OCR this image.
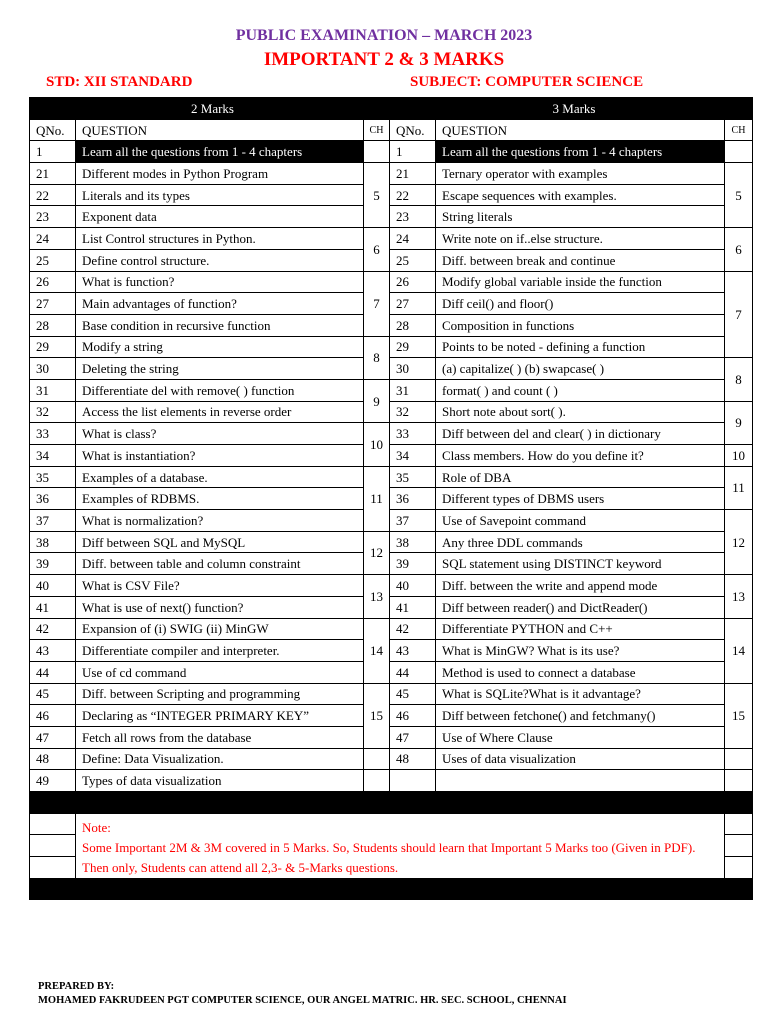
PUBLIC EXAMINATION – MARCH 2023
IMPORTANT 2 & 3 MARKS
STD: XII STANDARD	SUBJECT: COMPUTER SCIENCE
2 Marks			3 Marks		
QNo.	QUESTION	CH	QNo.	QUESTION	CH
1	Learn all the questions from 1 - 4 chapters		1	Learn all the questions from 1 - 4 chapters	
21	Different modes in Python Program	5	21	Ternary operator with examples	5
22	Literals and its types		22	Escape sequences with examples.	
23	Exponent data		23	String literals	
24	List Control structures in Python.	6	24	Write note on if..else structure.	6
25	Define control structure.		25	Diff. between break and continue	
26	What is function?	7	26	Modify global variable inside the function	7
27	Main advantages of function?		27	Diff ceil() and floor()	
28	Base condition in recursive function		28	Composition in functions	
29	Modify a string	8	29	Points to be noted - defining a function	
30	Deleting the string		30	(a) capitalize( ) (b) swapcase( )	8
31	Differentiate del with remove( ) function	9	31	format( ) and count ( )	
32	Access the list elements in reverse order		32	Short note about sort( ).	9
33	What is class?	10	33	Diff between del and clear( ) in dictionary	
34	What is instantiation?		34	Class members. How do you define it?	10
35	Examples of a database.	11	35	Role of DBA	11
36	Examples of RDBMS.		36	Different types of DBMS users	
37	What is normalization?		37	Use of Savepoint command	12
38	Diff between SQL and MySQL	12	38	Any three DDL commands	
39	Diff. between table and column constraint		39	SQL statement using DISTINCT keyword	
40	What is CSV File?	13	40	Diff. between the write and append mode	13
41	What is use of next() function?		41	Diff between reader() and DictReader()	
42	Expansion of (i) SWIG (ii) MinGW	14	42	Differentiate PYTHON and C++	14
43	Differentiate compiler and interpreter.		43	What is MinGW? What is its use?	
44	Use of cd command		44	Method is used to connect a database	
45	Diff. between Scripting and programming	15	45	What is SQLite?What is it advantage?	15
46	Declaring as “INTEGER PRIMARY KEY”		46	Diff between fetchone() and fetchmany()	
47	Fetch all rows from the database		47	Use of Where Clause	
48	Define: Data Visualization.		48	Uses of data visualization	
49	Types of data visualization				

	Note:
Some Important 2M & 3M covered in 5 Marks. So, Students should learn that Important 5 Marks too (Given in PDF). Then only, Students can attend all 2,3- & 5-Marks questions.				

PREPARED BY:
MOHAMED FAKRUDEEN PGT COMPUTER SCIENCE, OUR ANGEL MATRIC. HR. SEC. SCHOOL, CHENNAI
